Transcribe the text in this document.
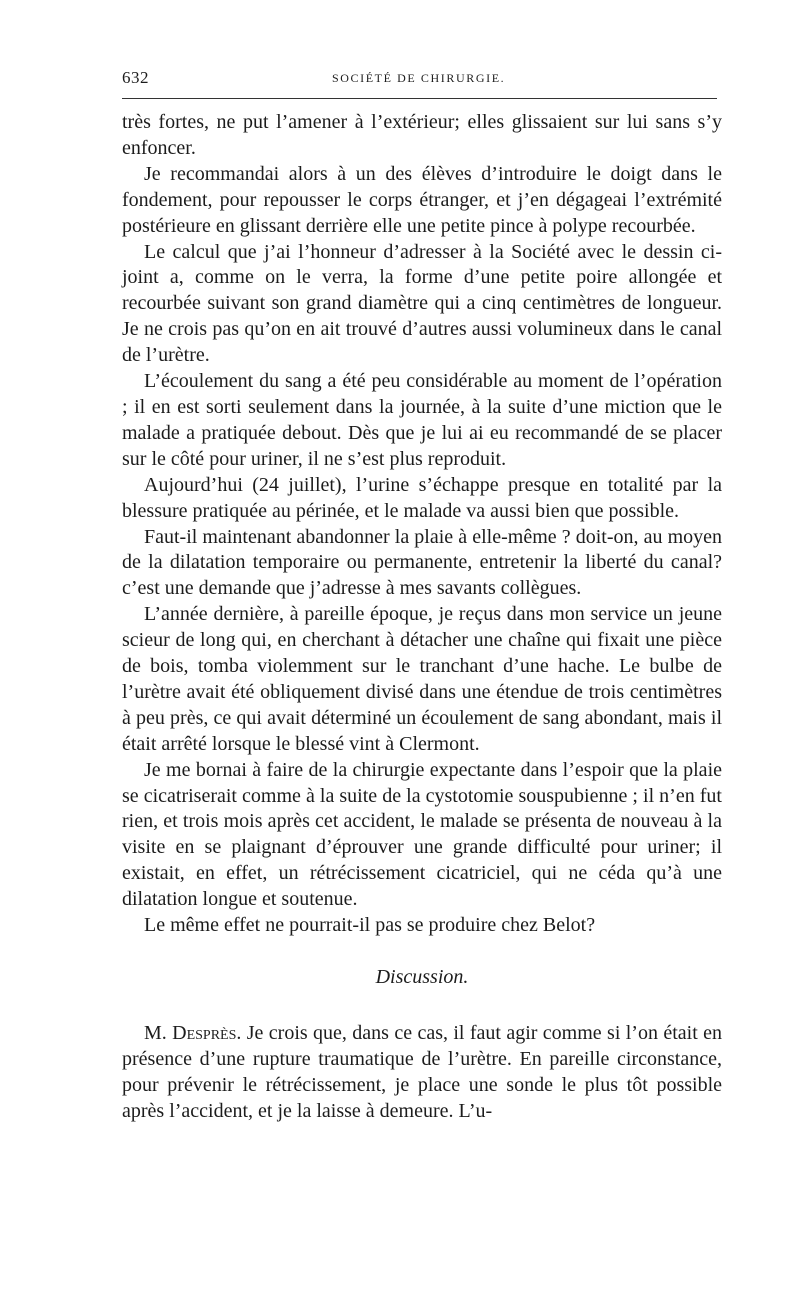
632	SOCIÉTÉ DE CHIRURGIE.

très fortes, ne put l’amener à l’extérieur; elles glissaient sur lui sans s’y enfoncer.

Je recommandai alors à un des élèves d’introduire le doigt dans le fondement, pour repousser le corps étranger, et j’en dégageai l’extrémité postérieure en glissant derrière elle une petite pince à polype recourbée.

Le calcul que j’ai l’honneur d’adresser à la Société avec le dessin ci-joint a, comme on le verra, la forme d’une petite poire allongée et recourbée suivant son grand diamètre qui a cinq centimètres de longueur. Je ne crois pas qu’on en ait trouvé d’autres aussi volumineux dans le canal de l’urètre.

L’écoulement du sang a été peu considérable au moment de l’opération ; il en est sorti seulement dans la journée, à la suite d’une miction que le malade a pratiquée debout. Dès que je lui ai eu recommandé de se placer sur le côté pour uriner, il ne s’est plus reproduit.

Aujourd’hui (24 juillet), l’urine s’échappe presque en totalité par la blessure pratiquée au périnée, et le malade va aussi bien que possible.

Faut-il maintenant abandonner la plaie à elle-même ? doit-on, au moyen de la dilatation temporaire ou permanente, entretenir la liberté du canal? c’est une demande que j’adresse à mes savants collègues.

L’année dernière, à pareille époque, je reçus dans mon service un jeune scieur de long qui, en cherchant à détacher une chaîne qui fixait une pièce de bois, tomba violemment sur le tranchant d’une hache. Le bulbe de l’urètre avait été obliquement divisé dans une étendue de trois centimètres à peu près, ce qui avait déterminé un écoulement de sang abondant, mais il était arrêté lorsque le blessé vint à Clermont.

Je me bornai à faire de la chirurgie expectante dans l’espoir que la plaie se cicatriserait comme à la suite de la cystotomie souspubienne ; il n’en fut rien, et trois mois après cet accident, le malade se présenta de nouveau à la visite en se plaignant d’éprouver une grande difficulté pour uriner; il existait, en effet, un rétrécissement cicatriciel, qui ne céda qu’à une dilatation longue et soutenue.

Le même effet ne pourrait-il pas se produire chez Belot?

Discussion.

M. Desprès. Je crois que, dans ce cas, il faut agir comme si l’on était en présence d’une rupture traumatique de l’urètre. En pareille circonstance, pour prévenir le rétrécissement, je place une sonde le plus tôt possible après l’accident, et je la laisse à demeure. L’u-
